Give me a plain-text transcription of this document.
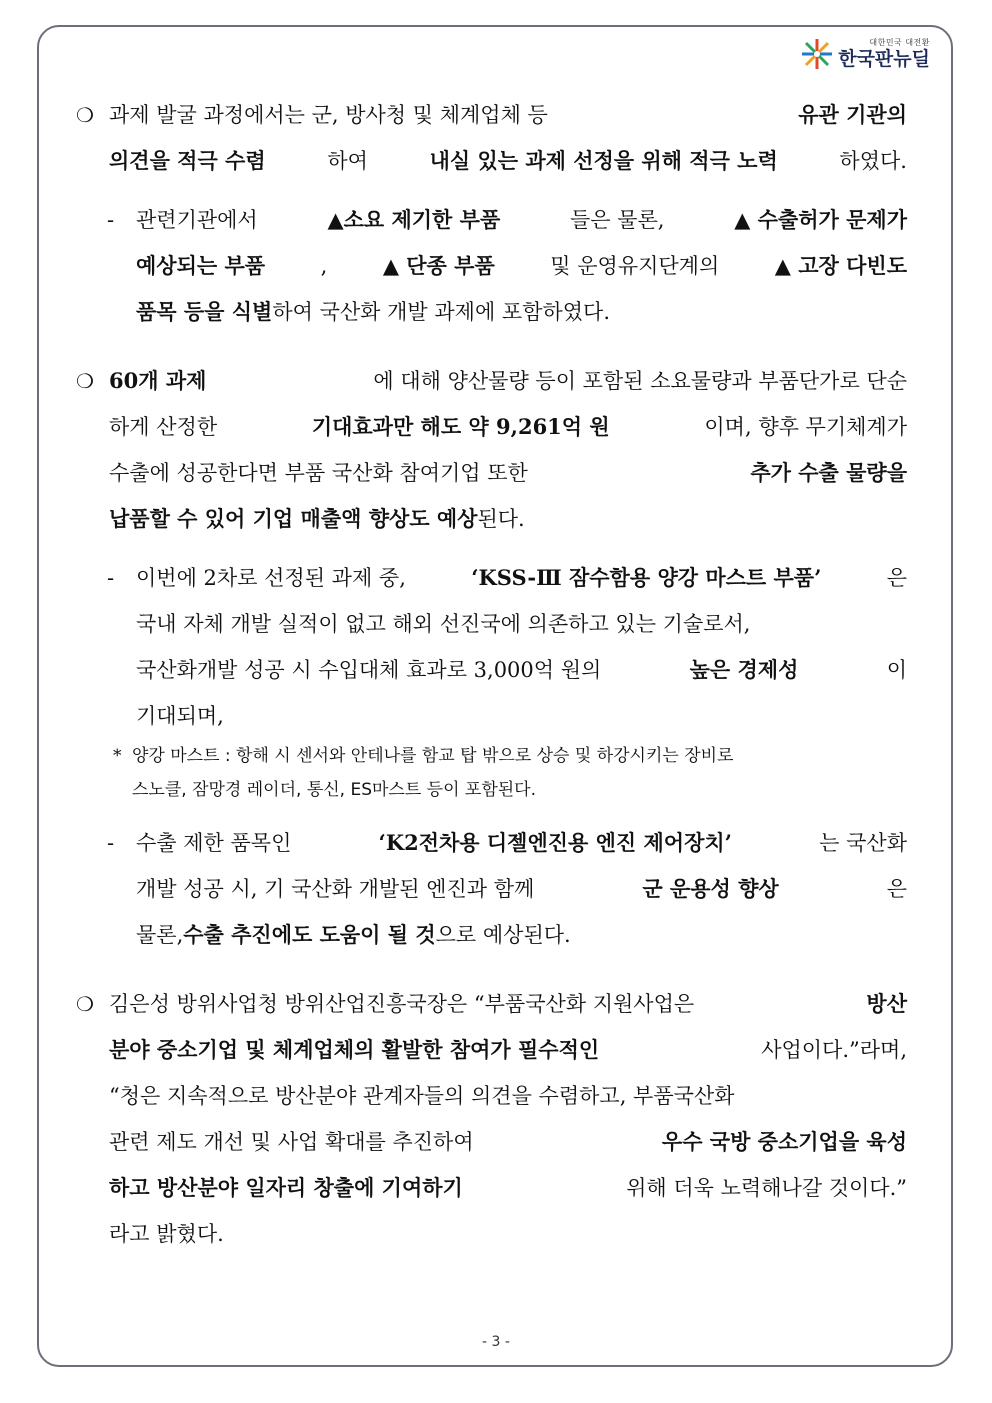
대한민국 대전환
한국판뉴딜
❍ 과제 발굴 과정에서는 군, 방사청 및 체계업체 등	유관 기관의
의견을 적극 수렴	하여	내실 있는 과제 선정을 위해 적극 노력	하였다.
- 관련기관에서	▲소요 제기한 부품	들은 물론,	▲ 수출허가 문제가
예상되는 부품	,	▲ 단종 부품	및 운영유지단계의	▲ 고장 다빈도
품목 등을 식별 하여 국산화 개발 과제에 포함하였다.
❍ 60개 과제	에 대해 양산물량 등이 포함된 소요물량과 부품단가로 단순
하게 산정한	기대효과만 해도 약 9,261억 원	이며, 향후 무기체계가
수출에 성공한다면 부품 국산화 참여기업 또한	추가 수출 물량을
납품할 수 있어 기업 매출액 향상도 예상 된다.
- 이번에 2차로 선정된 과제 중,	‘KSS-Ⅲ 잠수함용 양강 마스트 부품’	은
국내 자체 개발 실적이 없고 해외 선진국에 의존하고 있는 기술로서,
국산화개발 성공 시 수입대체 효과로 3,000억 원의	높은 경제성	이
기대되며,
* 양강 마스트 : 항해 시 센서와 안테나를 함교 탑 밖으로 상승 및 하강시키는 장비로
스노클, 잠망경 레이더, 통신, ES마스트 등이 포함된다.
- 수출 제한 품목인	‘K2전차용 디젤엔진용 엔진 제어장치’	는 국산화
개발 성공 시, 기 국산화 개발된 엔진과 함께	군 운용성 향상	은
물론, 수출 추진에도 도움이 될 것 으로 예상된다.
❍ 김은성 방위사업청 방위산업진흥국장은 “부품국산화 지원사업은	방산
분야 중소기업 및 체계업체의 활발한 참여가 필수적인	사업이다.”라며,
“청은 지속적으로 방산분야 관계자들의 의견을 수렴하고, 부품국산화
관련 제도 개선 및 사업 확대를 추진하여	우수 국방 중소기업을 육성
하고 방산분야 일자리 창출에 기여하기	위해 더욱 노력해나갈 것이다.”
라고 밝혔다.
- 3 -
